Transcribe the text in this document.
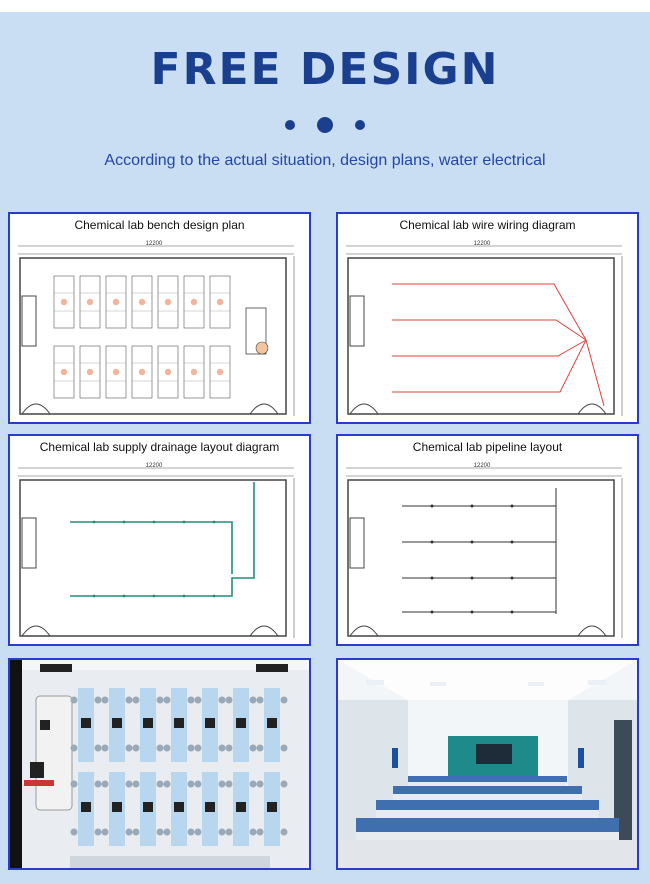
FREE DESIGN

According to the actual situation, design plans, water electrical
Chemical lab bench design plan
12200
Chemical lab wire wiring diagram
12200
Chemical lab supply drainage layout diagram
12200
Chemical lab pipeline layout
12200
